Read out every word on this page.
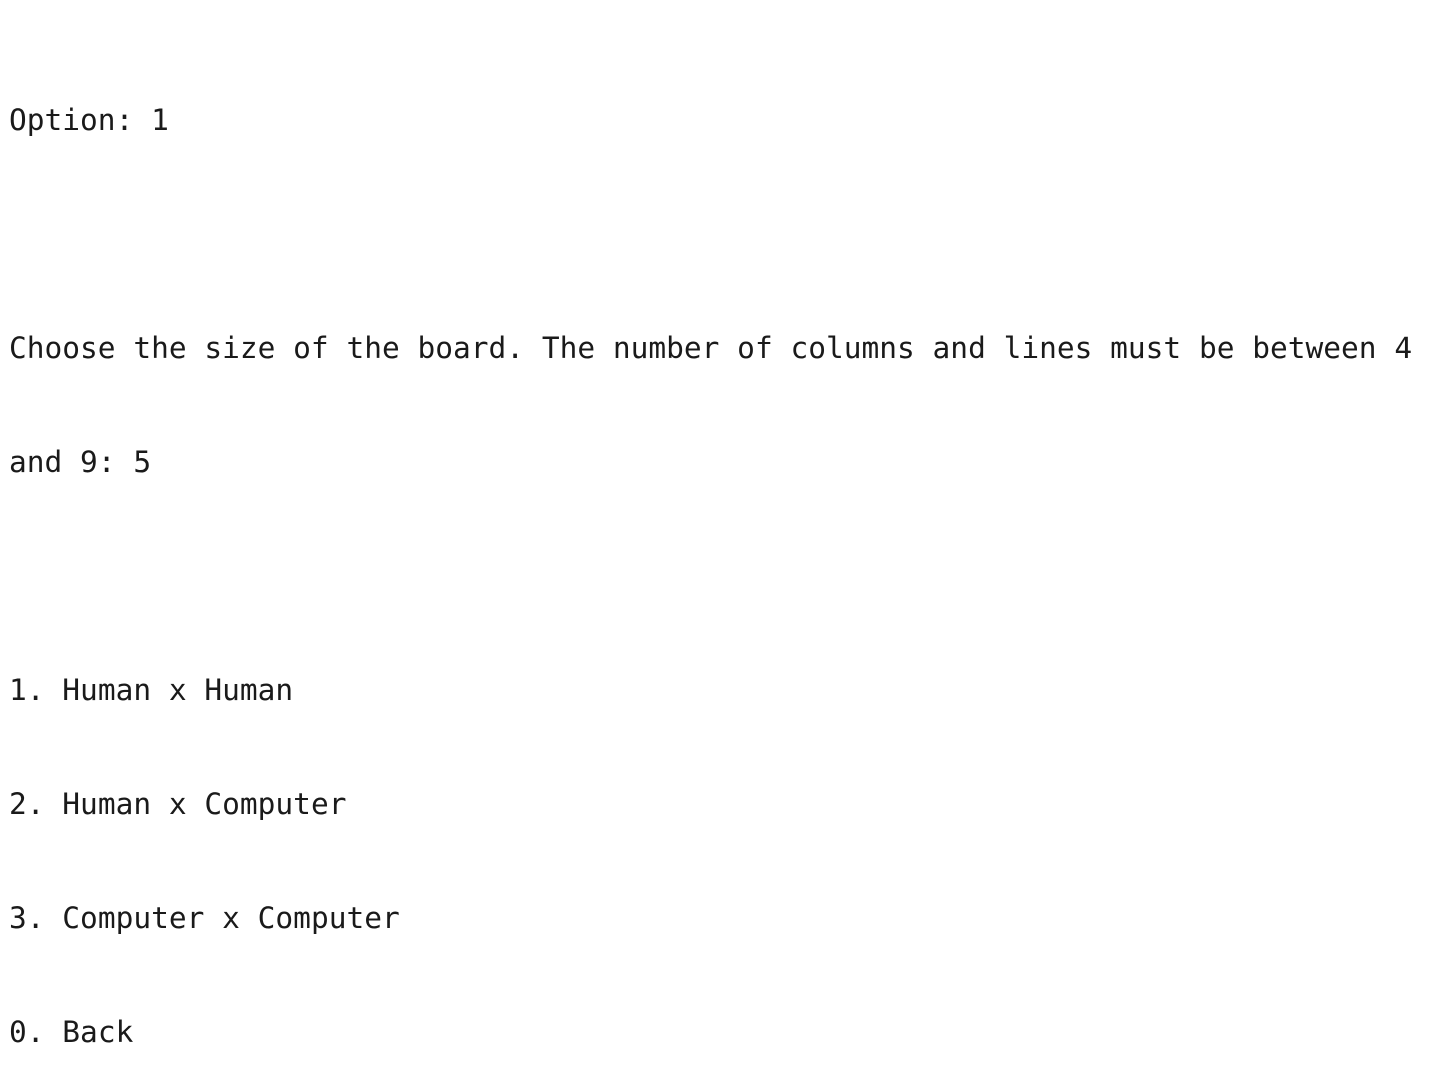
Option: 1

Choose the size of the board. The number of columns and lines must be between 4

and 9: 5

1. Human x Human

2. Human x Computer

3. Computer x Computer

0. Back
